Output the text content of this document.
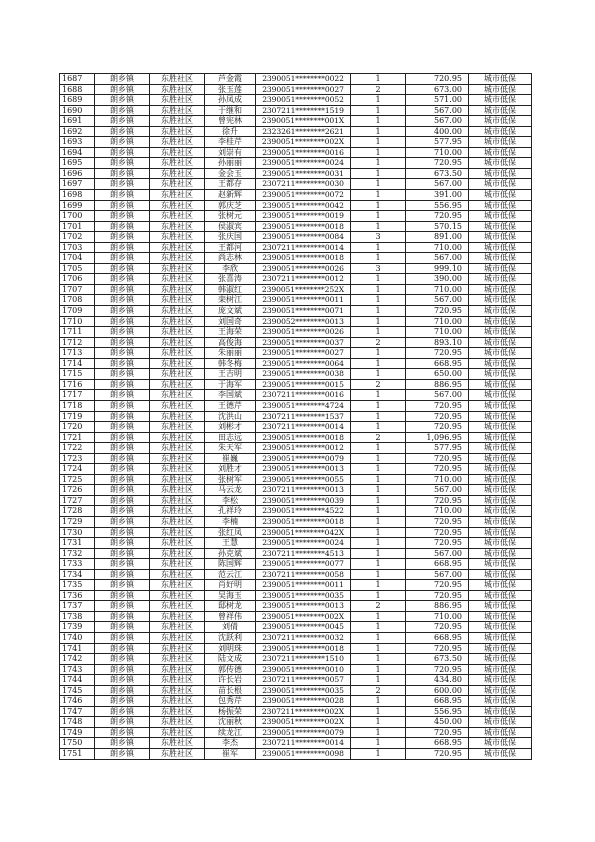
1687	朗乡镇	东胜社区	芦金霞	2390051********0022	1	720.95	城市低保
1688	朗乡镇	东胜社区	张玉莲	2390051********0027	2	673.00	城市低保
1689	朗乡镇	东胜社区	孙凤成	2390051********0052	1	571.00	城市低保
1690	朗乡镇	东胜社区	于继和	2307211********1519	1	567.00	城市低保
1691	朗乡镇	东胜社区	曾宪林	2390051********001X	1	567.00	城市低保
1692	朗乡镇	东胜社区	徐升	2323261********2621	1	400.00	城市低保
1693	朗乡镇	东胜社区	李桂芹	2390051********002X	1	577.95	城市低保
1694	朗乡镇	东胜社区	刘崇有	2390051********0016	1	710.00	城市低保
1695	朗乡镇	东胜社区	孙丽丽	2390051********0024	1	720.95	城市低保
1696	朗乡镇	东胜社区	金会玉	2390051********0031	1	673.50	城市低保
1697	朗乡镇	东胜社区	王都存	2307211********0030	1	567.00	城市低保
1698	朗乡镇	东胜社区	赵新辉	2390051********0072	1	391.00	城市低保
1699	朗乡镇	东胜社区	郭庆芝	2390051********0042	1	556.95	城市低保
1700	朗乡镇	东胜社区	张树元	2390051********0019	1	720.95	城市低保
1701	朗乡镇	东胜社区	侯淑宾	2390051********0018	1	570.15	城市低保
1702	朗乡镇	东胜社区	张庆国	2390051********0084	3	891.00	城市低保
1703	朗乡镇	东胜社区	王都河	2307211********0014	1	710.00	城市低保
1704	朗乡镇	东胜社区	尚志林	2390051********0018	1	567.00	城市低保
1705	朗乡镇	东胜社区	李欣	2390051********0026	3	999.10	城市低保
1706	朗乡镇	东胜社区	张喜涛	2307211********0012	1	390.00	城市低保
1707	朗乡镇	东胜社区	韩淑红	2390051********252X	1	710.00	城市低保
1708	朗乡镇	东胜社区	栾树江	2390051********0011	1	567.00	城市低保
1709	朗乡镇	东胜社区	庞文斌	2390051********0071	1	720.95	城市低保
1710	朗乡镇	东胜社区	刘国奇	2390052********0013	1	710.00	城市低保
1711	朗乡镇	东胜社区	王海荣	2390051********0026	1	710.00	城市低保
1712	朗乡镇	东胜社区	高俊海	2390051********0037	2	893.10	城市低保
1713	朗乡镇	东胜社区	朱丽丽	2390051********0027	1	720.95	城市低保
1714	朗乡镇	东胜社区	韩冬梅	2390051********0064	1	668.95	城市低保
1715	朗乡镇	东胜社区	王吉明	2390051********0038	1	650.00	城市低保
1716	朗乡镇	东胜社区	于海军	2390051********0015	2	886.95	城市低保
1717	朗乡镇	东胜社区	李国斌	2307211********0016	1	567.00	城市低保
1718	朗乡镇	东胜社区	王德芹	2390051********4724	1	720.95	城市低保
1719	朗乡镇	东胜社区	沈洪山	2307211********1537	1	720.95	城市低保
1720	朗乡镇	东胜社区	刘彬才	2307211********0014	1	720.95	城市低保
1721	朗乡镇	东胜社区	田志远	2390051********0018	2	1,096.95	城市低保
1722	朗乡镇	东胜社区	朱天军	2390051********0012	1	577.95	城市低保
1723	朗乡镇	东胜社区	崔巍	2390051********0079	1	720.95	城市低保
1724	朗乡镇	东胜社区	刘胜才	2390051********0013	1	720.95	城市低保
1725	朗乡镇	东胜社区	张树军	2390051********0055	1	710.00	城市低保
1726	朗乡镇	东胜社区	马云龙	2307211********0013	1	567.00	城市低保
1727	朗乡镇	东胜社区	李松	2390051********0039	1	720.95	城市低保
1728	朗乡镇	东胜社区	孔祥玲	2390051********4522	1	710.00	城市低保
1729	朗乡镇	东胜社区	李楠	2390051********0018	1	720.95	城市低保
1730	朗乡镇	东胜社区	张红凤	2390051********042X	1	720.95	城市低保
1731	朗乡镇	东胜社区	王慧	2390051********0024	1	720.95	城市低保
1732	朗乡镇	东胜社区	孙克斌	2307211********4513	1	567.00	城市低保
1733	朗乡镇	东胜社区	陈国辉	2390051********0077	1	668.95	城市低保
1734	朗乡镇	东胜社区	范云江	2307211********0058	1	567.00	城市低保
1735	朗乡镇	东胜社区	肖好明	2390051********0011	1	720.95	城市低保
1736	朗乡镇	东胜社区	吴海玉	2390051********0035	1	720.95	城市低保
1737	朗乡镇	东胜社区	邸树龙	2390051********0013	2	886.95	城市低保
1738	朗乡镇	东胜社区	曾祥伟	2390051********002X	1	710.00	城市低保
1739	朗乡镇	东胜社区	刘倩	2390051********0045	1	720.95	城市低保
1740	朗乡镇	东胜社区	沈跃利	2307211********0032	1	668.95	城市低保
1741	朗乡镇	东胜社区	刘明珠	2390051********0018	1	720.95	城市低保
1742	朗乡镇	东胜社区	陆文成	2307211********1510	1	673.50	城市低保
1743	朗乡镇	东胜社区	郭传德	2390051********0010	1	720.95	城市低保
1744	朗乡镇	东胜社区	许长岩	2307211********0057	1	434.80	城市低保
1745	朗乡镇	东胜社区	苗长根	2390051********0035	2	600.00	城市低保
1746	朗乡镇	东胜社区	包秀芹	2390051********0028	1	668.95	城市低保
1747	朗乡镇	东胜社区	杨振荣	2307211********002X	1	556.95	城市低保
1748	朗乡镇	东胜社区	沈丽秋	2390051********002X	1	450.00	城市低保
1749	朗乡镇	东胜社区	续龙江	2390051********0079	1	720.95	城市低保
1750	朗乡镇	东胜社区	李杰	2307211********0014	1	668.95	城市低保
1751	朗乡镇	东胜社区	崔军	2390051********0098	1	720.95	城市低保
